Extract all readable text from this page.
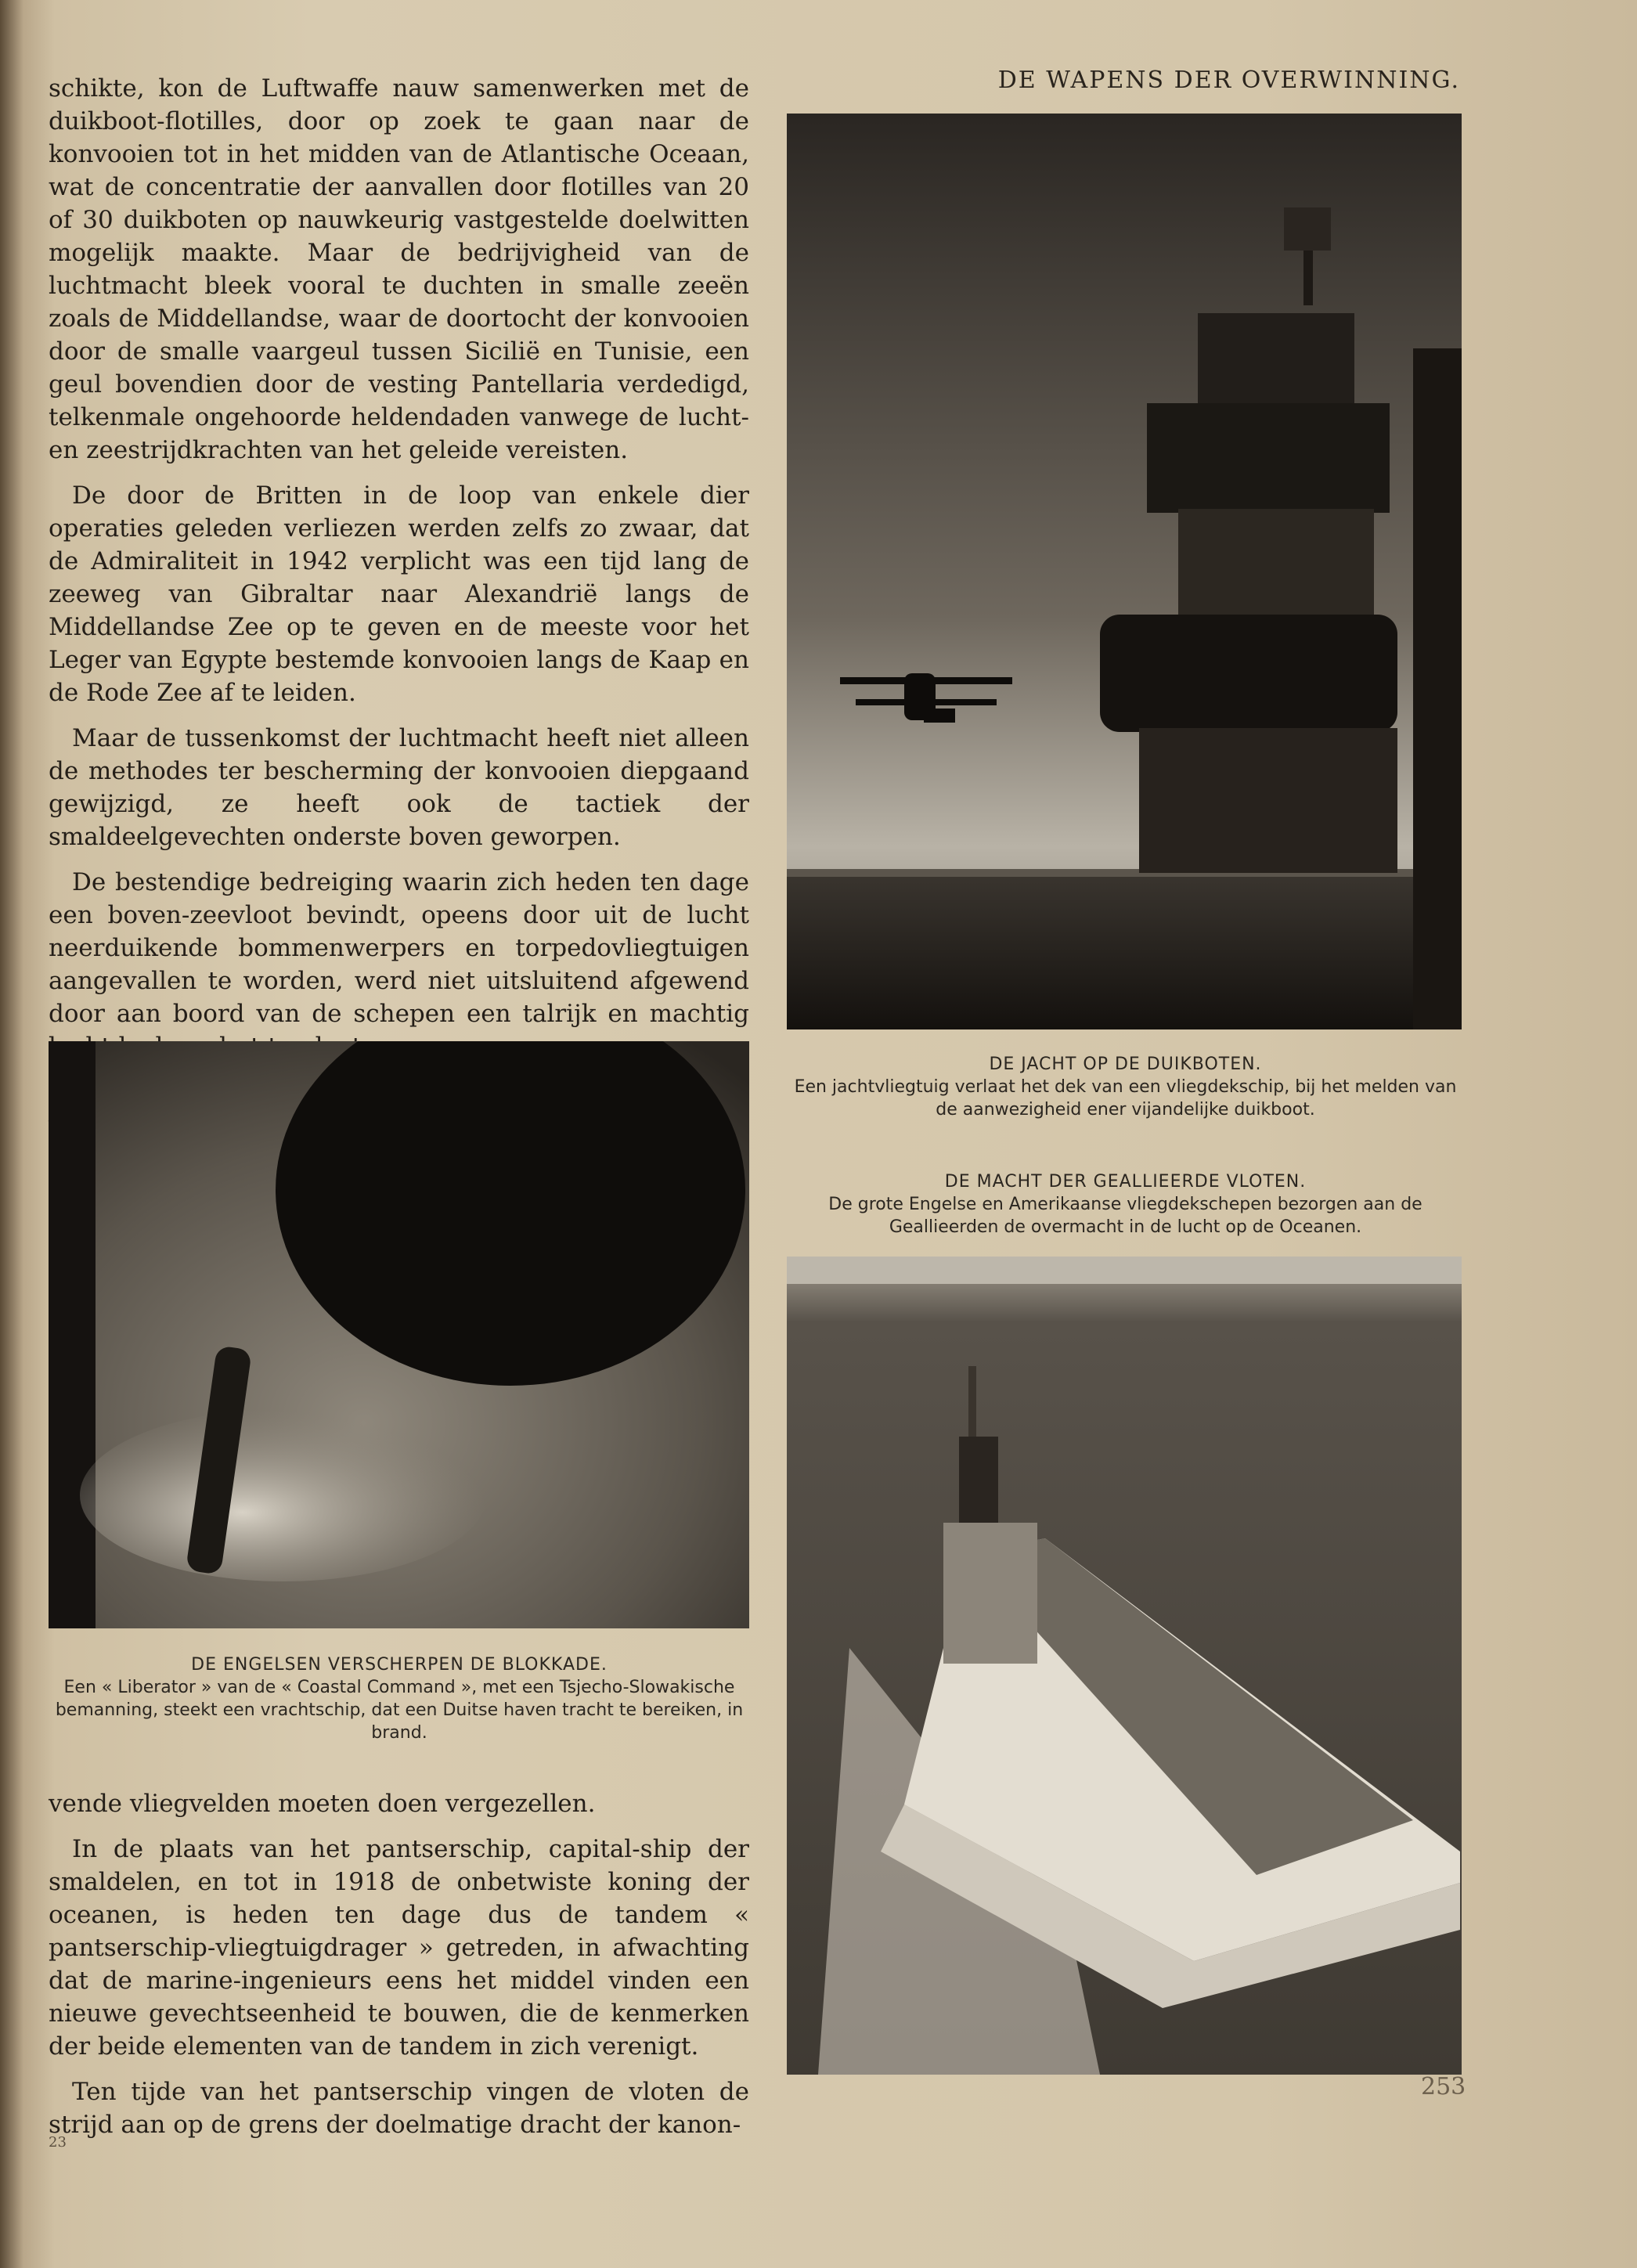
DE WAPENS DER OVERWINNING.

schikte, kon de Luftwaffe nauw samenwerken met de duikboot-flotilles, door op zoek te gaan naar de konvooien tot in het midden van de Atlantische Oceaan, wat de concentratie der aanvallen door flotilles van 20 of 30 duikboten op nauwkeurig vastgestelde doelwitten mogelijk maakte. Maar de bedrijvigheid van de luchtmacht bleek vooral te duchten in smalle zeeën zoals de Middellandse, waar de doortocht der konvooien door de smalle vaargeul tussen Sicilië en Tunisie, een geul bovendien door de vesting Pantellaria verdedigd, telkenmale ongehoorde heldendaden vanwege de lucht- en zeestrijdkrachten van het geleide vereisten.

De door de Britten in de loop van enkele dier operaties geleden verliezen werden zelfs zo zwaar, dat de Admiraliteit in 1942 verplicht was een tijd lang de zeeweg van Gibraltar naar Alexandrië langs de Middellandse Zee op te geven en de meeste voor het Leger van Egypte bestemde konvooien langs de Kaap en de Rode Zee af te leiden.

Maar de tussenkomst der luchtmacht heeft niet alleen de methodes ter bescherming der konvooien diepgaand gewijzigd, ze heeft ook de tactiek der smaldeelgevechten onderste boven geworpen.

De bestendige bedreiging waarin zich heden ten dage een boven-zeevloot bevindt, opeens door uit de lucht neerduikende bommenwerpers en torpedovliegtuigen aangevallen te worden, werd niet uitsluitend afgewend door aan boord van de schepen een talrijk en machtig

DE JACHT OP DE DUIKBOTEN.
Een jachtvliegtuig verlaat het dek van een vliegdekschip, bij het melden van de aanwezigheid ener vijandelijke duikboot.
DE MACHT DER GEALLIEERDE VLOTEN.
De grote Engelse en Amerikaanse vliegdekschepen bezorgen aan de Geallieerden de overmacht in de lucht op de Oceanen.
DE ENGELSEN VERSCHERPEN DE BLOKKADE.
Een « Liberator » van de « Coastal Command », met een Tsjecho-Slowakische bemanning, steekt een vrachtschip, dat een Duitse haven tracht te bereiken, in brand.

vende vliegvelden moeten doen vergezellen.

In de plaats van het pantserschip, capital-ship der smaldelen, en tot in 1918 de onbetwiste koning der oceanen, is heden ten dage dus de tandem « pantserschip-vliegtuigdrager » getreden, in afwachting dat de marine-ingenieurs eens het middel vinden een nieuwe gevechtseenheid te bouwen, die de kenmerken der beide elementen van de tandem in zich verenigt.

Ten tijde van het pantserschip vingen de vloten de strijd aan op de grens der doelmatige dracht der kanon-

253
23
